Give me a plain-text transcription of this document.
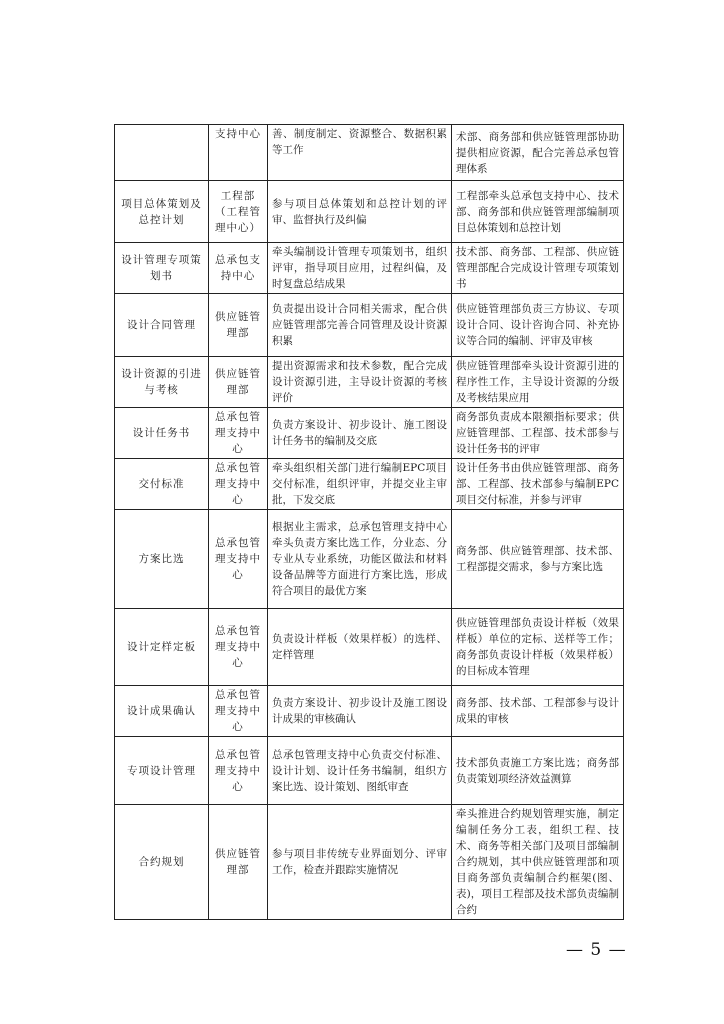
	支持中心	善、制度制定、资源整合、数据积累等工作	术部、商务部和供应链管理部协助提供相应资源，配合完善总承包管理体系
项目总体策划及总控计划	工程部（工程管理中心）	参与项目总体策划和总控计划的评审、监督执行及纠偏	工程部牵头总承包支持中心、技术部、商务部和供应链管理部编制项目总体策划和总控计划
设计管理专项策划书	总承包支持中心	牵头编制设计管理专项策划书，组织评审，指导项目应用，过程纠偏，及时复盘总结成果	技术部、商务部、工程部、供应链管理部配合完成设计管理专项策划书
设计合同管理	供应链管理部	负责提出设计合同相关需求，配合供应链管理部完善合同管理及设计资源积累	供应链管理部负责三方协议、专项设计合同、设计咨询合同、补充协议等合同的编制、评审及审核
设计资源的引进与考核	供应链管理部	提出资源需求和技术参数，配合完成设计资源引进，主导设计资源的考核评价	供应链管理部牵头设计资源引进的程序性工作，主导设计资源的分级及考核结果应用
设计任务书	总承包管理支持中心	负责方案设计、初步设计、施工图设计任务书的编制及交底	商务部负责成本限额指标要求；供应链管理部、工程部、技术部参与设计任务书的评审
交付标准	总承包管理支持中心	牵头组织相关部门进行编制EPC项目交付标准，组织评审，并提交业主审批，下发交底	设计任务书由供应链管理部、商务部、工程部、技术部参与编制EPC项目交付标准，并参与评审
方案比选	总承包管理支持中心	根据业主需求，总承包管理支持中心牵头负责方案比选工作，分业态、分专业从专业系统，功能区做法和材料设备品牌等方面进行方案比选，形成符合项目的最优方案	商务部、供应链管理部、技术部、工程部提交需求，参与方案比选
设计定样定板	总承包管理支持中心	负责设计样板（效果样板）的选样、定样管理	供应链管理部负责设计样板（效果样板）单位的定标、送样等工作；商务部负责设计样板（效果样板）的目标成本管理
设计成果确认	总承包管理支持中心	负责方案设计、初步设计及施工图设计成果的审核确认	商务部、技术部、工程部参与设计成果的审核
专项设计管理	总承包管理支持中心	总承包管理支持中心负责交付标准、设计计划、设计任务书编制，组织方案比选、设计策划、图纸审查	技术部负责施工方案比选；商务部负责策划项经济效益测算
合约规划	供应链管理部	参与项目非传统专业界面划分、评审工作，检查并跟踪实施情况	牵头推进合约规划管理实施，制定编制任务分工表，组织工程、技术、商务等相关部门及项目部编制合约规划，其中供应链管理部和项目商务部负责编制合约框架(图、表)，项目工程部及技术部负责编制合约
— 5 —
